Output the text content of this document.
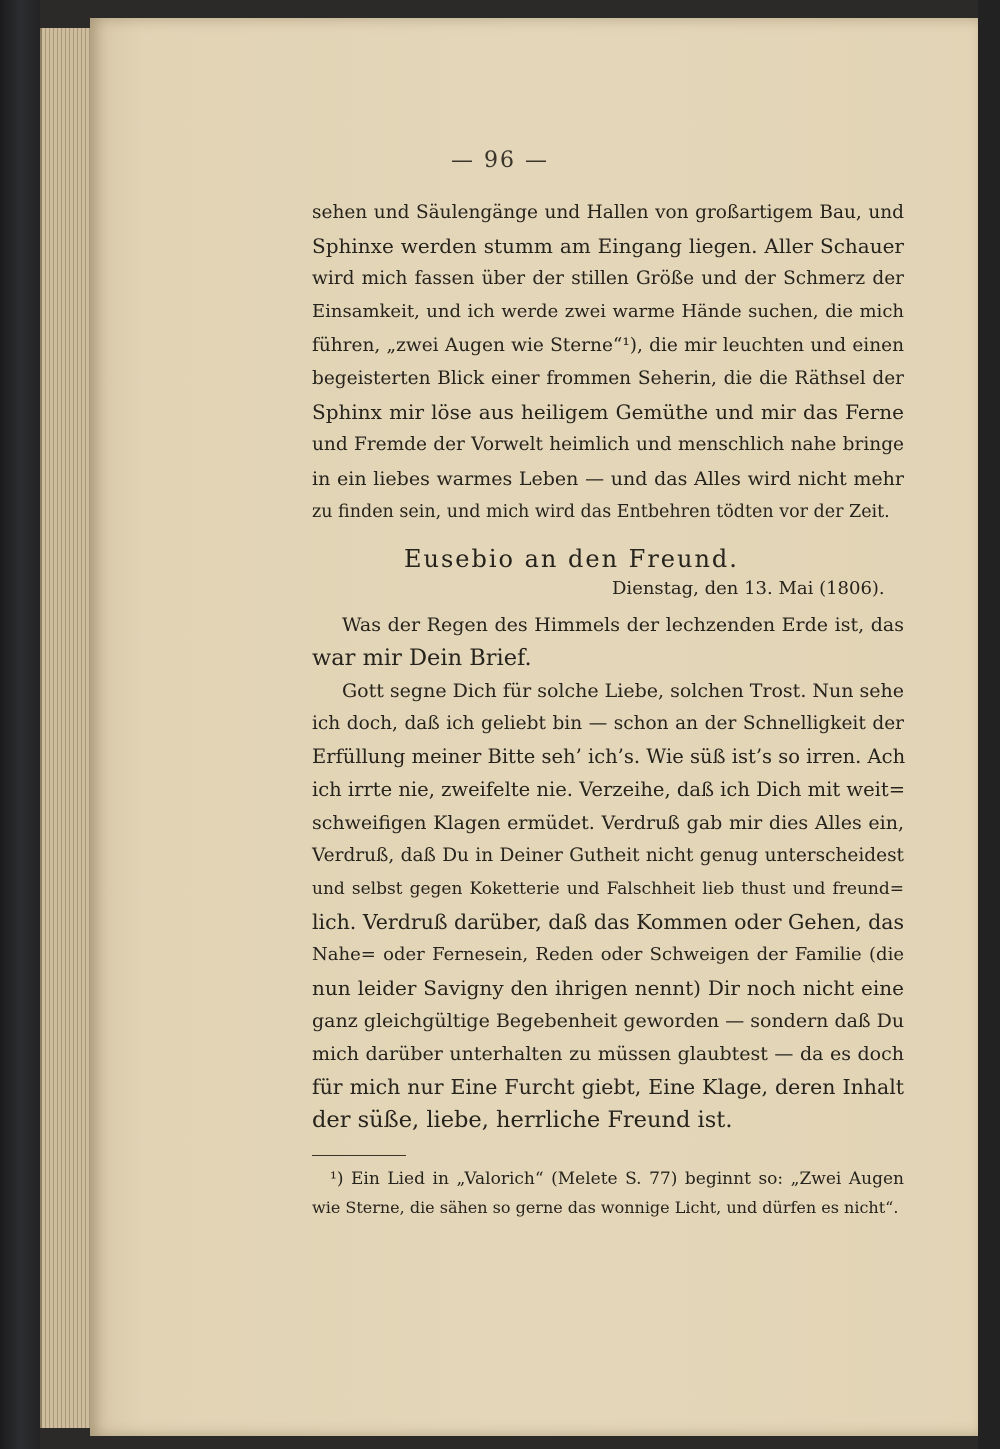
— 96 —
sehen und Säulengänge und Hallen von großartigem Bau, und
Sphinxe werden stumm am Eingang liegen. Aller Schauer
wird mich fassen über der stillen Größe und der Schmerz der
Einsamkeit, und ich werde zwei warme Hände suchen, die mich
führen, „zwei Augen wie Sterne“¹), die mir leuchten und einen
begeisterten Blick einer frommen Seherin, die die Räthsel der
Sphinx mir löse aus heiligem Gemüthe und mir das Ferne
und Fremde der Vorwelt heimlich und menschlich nahe bringe
in ein liebes warmes Leben — und das Alles wird nicht mehr
zu finden sein, und mich wird das Entbehren tödten vor der Zeit.
Eusebio an den Freund.
Dienstag, den 13. Mai (1806).
Was der Regen des Himmels der lechzenden Erde ist, das
war mir Dein Brief.
Gott segne Dich für solche Liebe, solchen Trost. Nun sehe
ich doch, daß ich geliebt bin — schon an der Schnelligkeit der
Erfüllung meiner Bitte seh’ ich’s. Wie süß ist’s so irren. Ach
ich irrte nie, zweifelte nie. Verzeihe, daß ich Dich mit weit=
schweifigen Klagen ermüdet. Verdruß gab mir dies Alles ein,
Verdruß, daß Du in Deiner Gutheit nicht genug unterscheidest
und selbst gegen Koketterie und Falschheit lieb thust und freund=
lich. Verdruß darüber, daß das Kommen oder Gehen, das
Nahe= oder Fernesein, Reden oder Schweigen der Familie (die
nun leider Savigny den ihrigen nennt) Dir noch nicht eine
ganz gleichgültige Begebenheit geworden — sondern daß Du
mich darüber unterhalten zu müssen glaubtest — da es doch
für mich nur Eine Furcht giebt, Eine Klage, deren Inhalt
der süße, liebe, herrliche Freund ist.
¹) Ein Lied in „Valorich“ (Melete S. 77) beginnt so: „Zwei Augen
wie Sterne, die sähen so gerne das wonnige Licht, und dürfen es nicht“.
